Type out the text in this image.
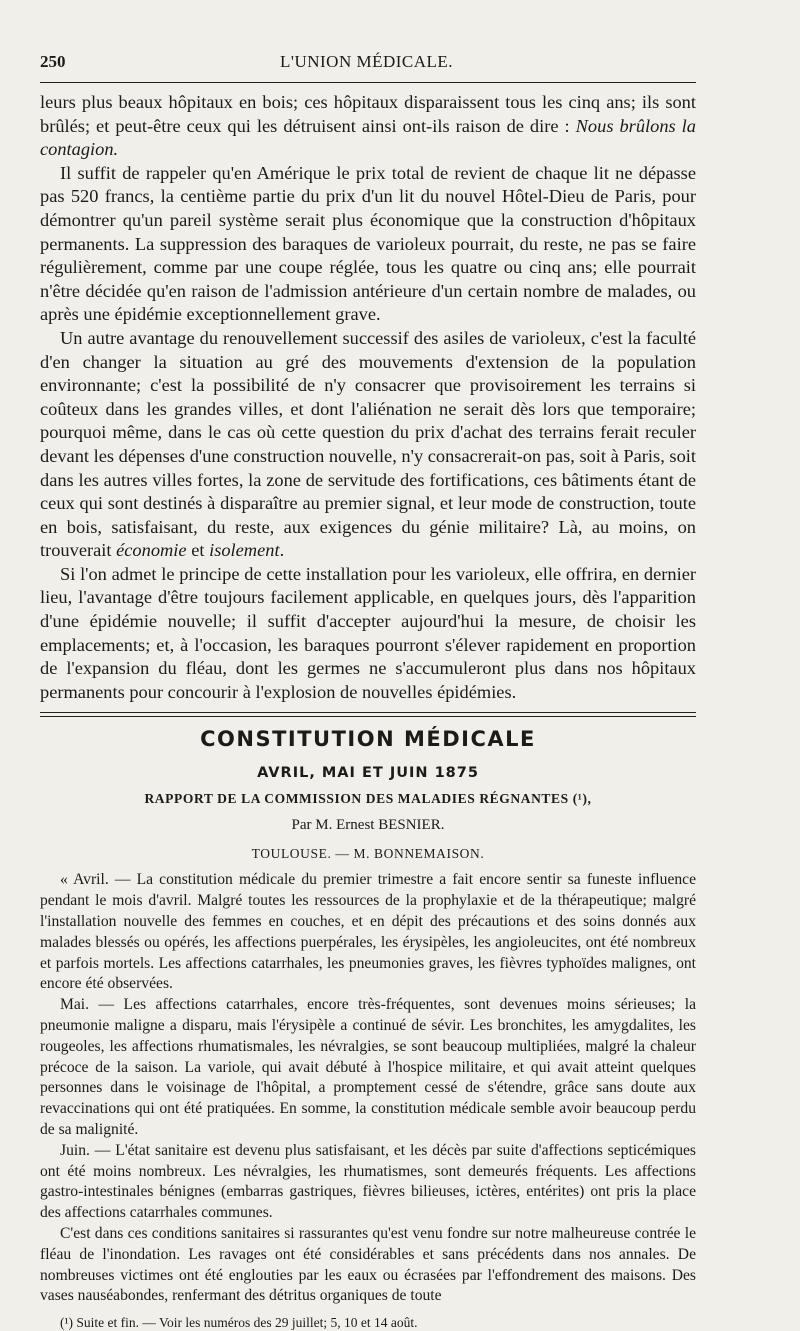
250	L'UNION MÉDICALE.

leurs plus beaux hôpitaux en bois; ces hôpitaux disparaissent tous les cinq ans; ils sont brûlés; et peut-être ceux qui les détruisent ainsi ont-ils raison de dire : Nous brûlons la contagion.

Il suffit de rappeler qu'en Amérique le prix total de revient de chaque lit ne dépasse pas 520 francs, la centième partie du prix d'un lit du nouvel Hôtel-Dieu de Paris, pour démontrer qu'un pareil système serait plus économique que la construction d'hôpitaux permanents. La suppression des baraques de varioleux pourrait, du reste, ne pas se faire régulièrement, comme par une coupe réglée, tous les quatre ou cinq ans; elle pourrait n'être décidée qu'en raison de l'admission antérieure d'un certain nombre de malades, ou après une épidémie exceptionnellement grave.

Un autre avantage du renouvellement successif des asiles de varioleux, c'est la faculté d'en changer la situation au gré des mouvements d'extension de la population environnante; c'est la possibilité de n'y consacrer que provisoirement les terrains si coûteux dans les grandes villes, et dont l'aliénation ne serait dès lors que temporaire; pourquoi même, dans le cas où cette question du prix d'achat des terrains ferait reculer devant les dépenses d'une construction nouvelle, n'y consacrerait-on pas, soit à Paris, soit dans les autres villes fortes, la zone de servitude des fortifications, ces bâtiments étant de ceux qui sont destinés à disparaître au premier signal, et leur mode de construction, toute en bois, satisfaisant, du reste, aux exigences du génie militaire? Là, au moins, on trouverait économie et isolement.

Si l'on admet le principe de cette installation pour les varioleux, elle offrira, en dernier lieu, l'avantage d'être toujours facilement applicable, en quelques jours, dès l'apparition d'une épidémie nouvelle; il suffit d'accepter aujourd'hui la mesure, de choisir les emplacements; et, à l'occasion, les baraques pourront s'élever rapidement en proportion de l'expansion du fléau, dont les germes ne s'accumuleront plus dans nos hôpitaux permanents pour concourir à l'explosion de nouvelles épidémies.

CONSTITUTION MÉDICALE
AVRIL, MAI ET JUIN 1875
RAPPORT DE LA COMMISSION DES MALADIES RÉGNANTES (¹),
Par M. Ernest BESNIER.
TOULOUSE. — M. BONNEMAISON.

« Avril. — La constitution médicale du premier trimestre a fait encore sentir sa funeste influence pendant le mois d'avril. Malgré toutes les ressources de la prophylaxie et de la thérapeutique; malgré l'installation nouvelle des femmes en couches, et en dépit des précautions et des soins donnés aux malades blessés ou opérés, les affections puerpérales, les érysipèles, les angioleucites, ont été nombreux et parfois mortels. Les affections catarrhales, les pneumonies graves, les fièvres typhoïdes malignes, ont encore été observées.

Mai. — Les affections catarrhales, encore très-fréquentes, sont devenues moins sérieuses; la pneumonie maligne a disparu, mais l'érysipèle a continué de sévir. Les bronchites, les amygdalites, les rougeoles, les affections rhumatismales, les névralgies, se sont beaucoup multipliées, malgré la chaleur précoce de la saison. La variole, qui avait débuté à l'hospice militaire, et qui avait atteint quelques personnes dans le voisinage de l'hôpital, a promptement cessé de s'étendre, grâce sans doute aux revaccinations qui ont été pratiquées. En somme, la constitution médicale semble avoir beaucoup perdu de sa malignité.

Juin. — L'état sanitaire est devenu plus satisfaisant, et les décès par suite d'affections septicémiques ont été moins nombreux. Les névralgies, les rhumatismes, sont demeurés fréquents. Les affections gastro-intestinales bénignes (embarras gastriques, fièvres bilieuses, ictères, entérites) ont pris la place des affections catarrhales communes.

C'est dans ces conditions sanitaires si rassurantes qu'est venu fondre sur notre malheureuse contrée le fléau de l'inondation. Les ravages ont été considérables et sans précédents dans nos annales. De nombreuses victimes ont été englouties par les eaux ou écrasées par l'effondrement des maisons. Des vases nauséabondes, renfermant des détritus organiques de toute

(¹) Suite et fin. — Voir les numéros des 29 juillet; 5, 10 et 14 août.
